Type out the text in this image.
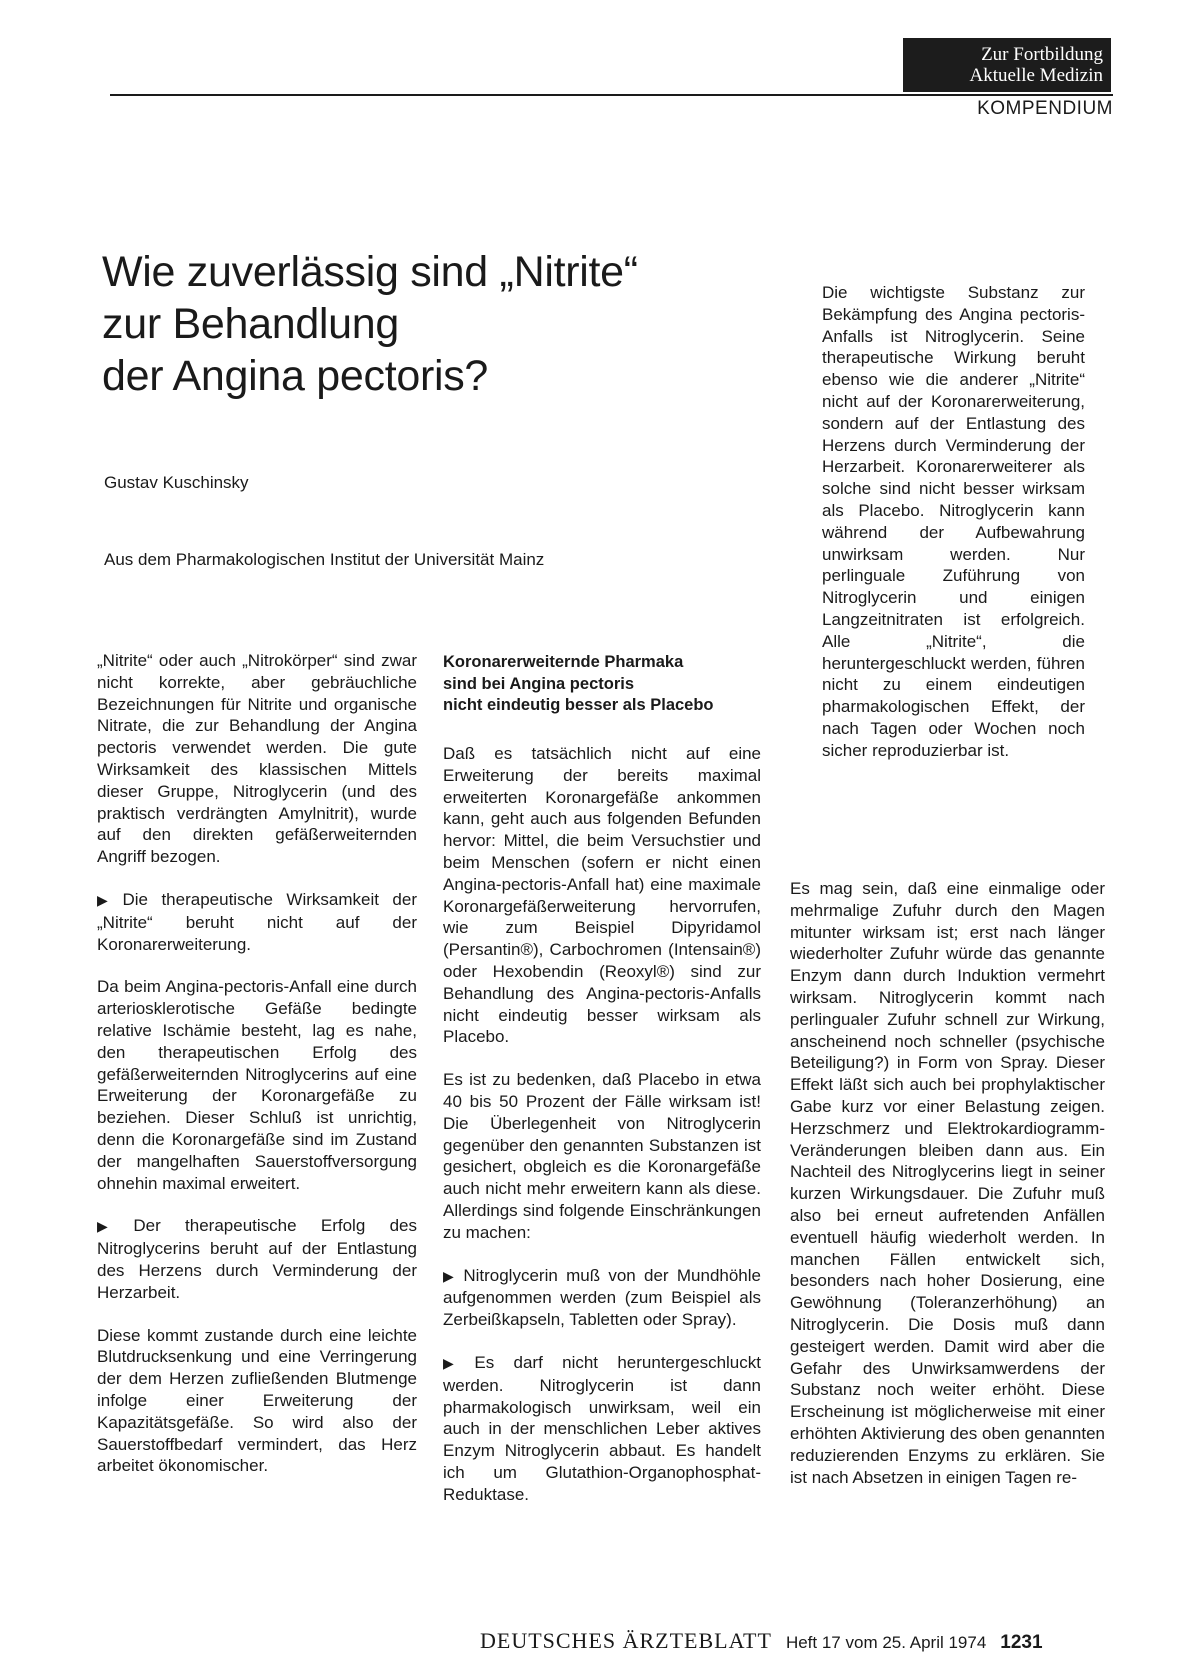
Zur Fortbildung
Aktuelle Medizin
KOMPENDIUM
Wie zuverlässig sind „Nitrite“
zur Behandlung
der Angina pectoris?
Gustav Kuschinsky
Aus dem Pharmakologischen Institut der Universität Mainz

„Nitrite“ oder auch „Nitrokörper“ sind zwar nicht korrekte, aber gebräuchliche Bezeichnungen für Nitrite und organische Nitrate, die zur Behandlung der Angina pectoris verwendet werden. Die gute Wirksamkeit des klassischen Mittels dieser Gruppe, Nitroglycerin (und des praktisch verdrängten Amylnitrit), wurde auf den direkten gefäßerweiternden Angriff bezogen.

▶ Die therapeutische Wirksamkeit der „Nitrite“ beruht nicht auf der Koronarerweiterung.

Da beim Angina-pectoris-Anfall eine durch arteriosklerotische Gefäße bedingte relative Ischämie besteht, lag es nahe, den therapeutischen Erfolg des gefäßerweiternden Nitroglycerins auf eine Erweiterung der Koronargefäße zu beziehen. Dieser Schluß ist unrichtig, denn die Koronargefäße sind im Zustand der mangelhaften Sauerstoffversorgung ohnehin maximal erweitert.

▶ Der therapeutische Erfolg des Nitroglycerins beruht auf der Entlastung des Herzens durch Verminderung der Herzarbeit.

Diese kommt zustande durch eine leichte Blutdrucksenkung und eine Verringerung der dem Herzen zufließenden Blutmenge infolge einer Erweiterung der Kapazitätsgefäße. So wird also der Sauerstoffbedarf vermindert, das Herz arbeitet ökonomischer.

Koronarerweiternde Pharmaka
sind bei Angina pectoris
nicht eindeutig besser als Placebo

Daß es tatsächlich nicht auf eine Erweiterung der bereits maximal erweiterten Koronargefäße ankommen kann, geht auch aus folgenden Befunden hervor: Mittel, die beim Versuchstier und beim Menschen (sofern er nicht einen Angina-pectoris-Anfall hat) eine maximale Koronargefäßerweiterung hervorrufen, wie zum Beispiel Dipyridamol (Persantin®), Carbochromen (Intensain®) oder Hexobendin (Reoxyl®) sind zur Behandlung des Angina-pectoris-Anfalls nicht eindeutig besser wirksam als Placebo.

Es ist zu bedenken, daß Placebo in etwa 40 bis 50 Prozent der Fälle wirksam ist! Die Überlegenheit von Nitroglycerin gegenüber den genannten Substanzen ist gesichert, obgleich es die Koronargefäße auch nicht mehr erweitern kann als diese. Allerdings sind folgende Einschränkungen zu machen:

▶ Nitroglycerin muß von der Mundhöhle aufgenommen werden (zum Beispiel als Zerbeißkapseln, Tabletten oder Spray).

▶ Es darf nicht heruntergeschluckt werden. Nitroglycerin ist dann pharmakologisch unwirksam, weil ein auch in der menschlichen Leber aktives Enzym Nitroglycerin abbaut. Es handelt ich um Glutathion-Organophosphat-Reduktase.

Die wichtigste Substanz zur Bekämpfung des Angina pectoris-Anfalls ist Nitroglycerin. Seine therapeutische Wirkung beruht ebenso wie die anderer „Nitrite“ nicht auf der Koronarerweiterung, sondern auf der Entlastung des Herzens durch Verminderung der Herzarbeit. Koronarerweiterer als solche sind nicht besser wirksam als Placebo. Nitroglycerin kann während der Aufbewahrung unwirksam werden. Nur perlinguale Zuführung von Nitroglycerin und einigen Langzeitnitraten ist erfolgreich. Alle „Nitrite“, die heruntergeschluckt werden, führen nicht zu einem eindeutigen pharmakologischen Effekt, der nach Tagen oder Wochen noch sicher reproduzierbar ist.

Es mag sein, daß eine einmalige oder mehrmalige Zufuhr durch den Magen mitunter wirksam ist; erst nach länger wiederholter Zufuhr würde das genannte Enzym dann durch Induktion vermehrt wirksam. Nitroglycerin kommt nach perlingualer Zufuhr schnell zur Wirkung, anscheinend noch schneller (psychische Beteiligung?) in Form von Spray. Dieser Effekt läßt sich auch bei prophylaktischer Gabe kurz vor einer Belastung zeigen. Herzschmerz und Elektrokardiogramm-Veränderungen bleiben dann aus. Ein Nachteil des Nitroglycerins liegt in seiner kurzen Wirkungsdauer. Die Zufuhr muß also bei erneut aufretenden Anfällen eventuell häufig wiederholt werden. In manchen Fällen entwickelt sich, besonders nach hoher Dosierung, eine Gewöhnung (Toleranzerhöhung) an Nitroglycerin. Die Dosis muß dann gesteigert werden. Damit wird aber die Gefahr des Unwirksamwerdens der Substanz noch weiter erhöht. Diese Erscheinung ist möglicherweise mit einer erhöhten Aktivierung des oben genannten reduzierenden Enzyms zu erklären. Sie ist nach Absetzen in einigen Tagen re-

DEUTSCHES ÄRZTEBLATT Heft 17 vom 25. April 1974 1231
